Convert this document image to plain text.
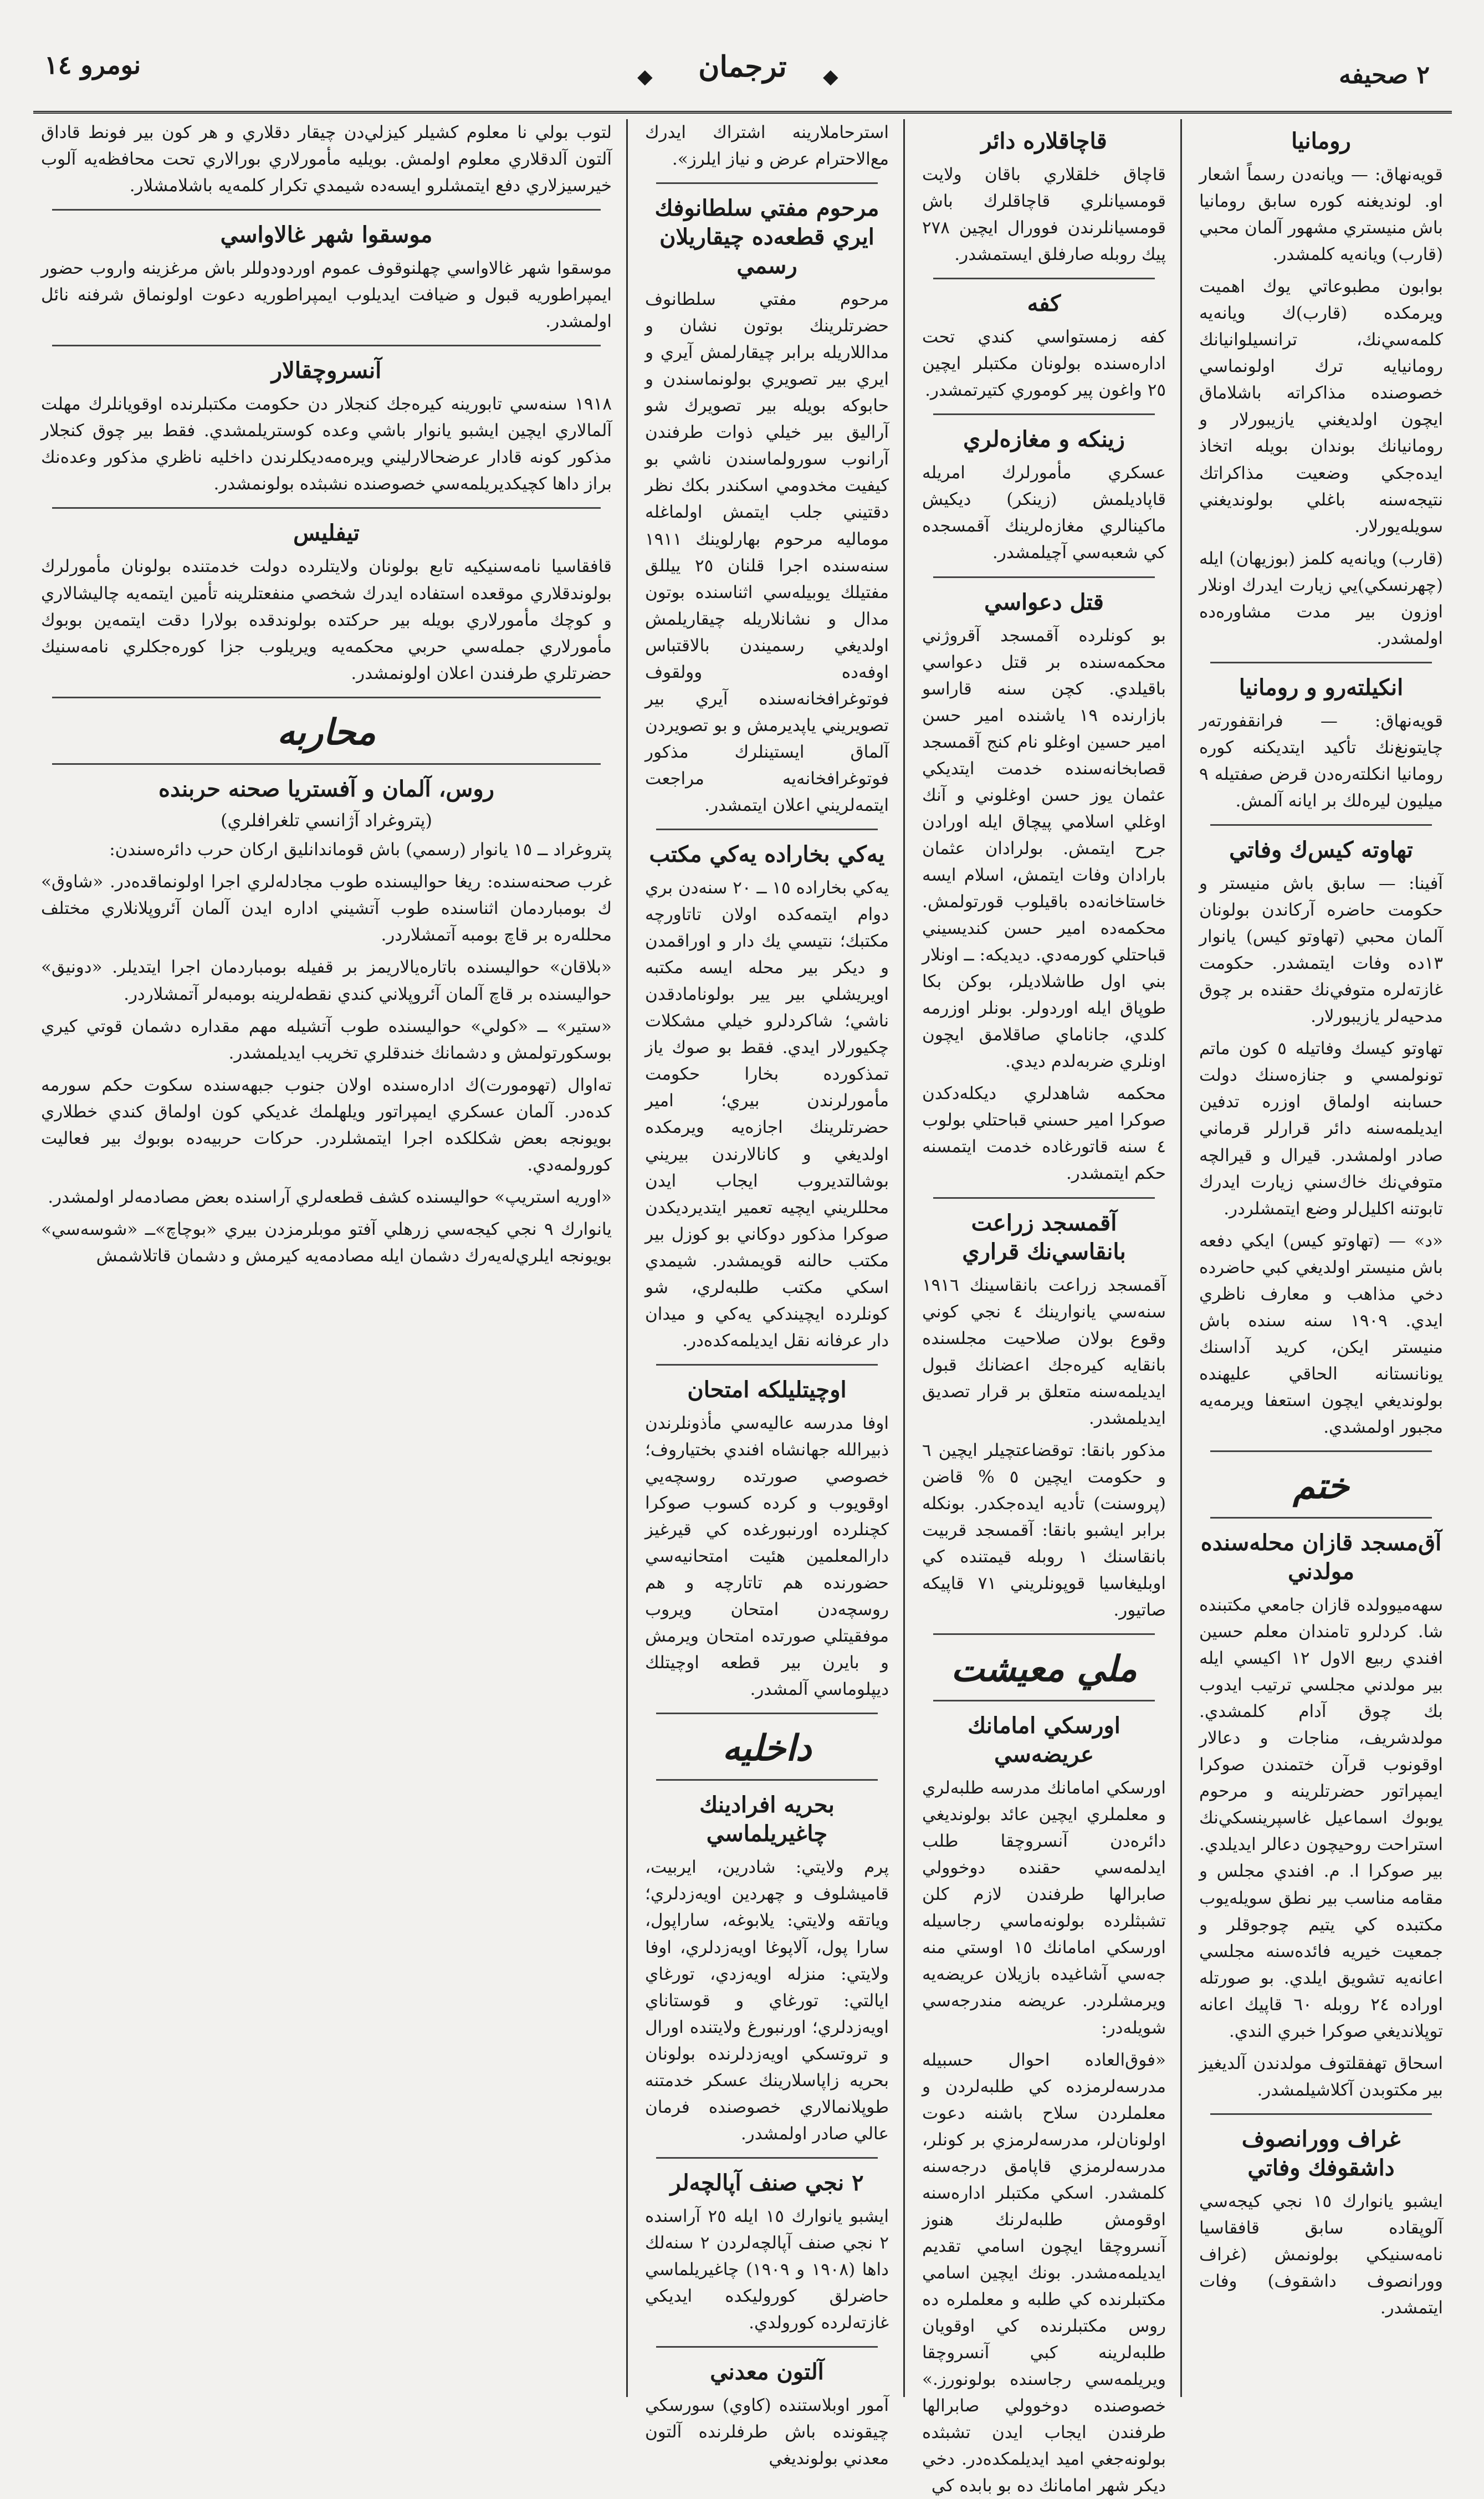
٢ صحيفه
◆
ترجمان
◆
نومرو ١٤
رومانيا

قويه‌نهاق: — ويانه‌دن رسماً اشعار او. لونديغنه كوره سابق رومانيا باش منيستري مشهور آلمان محبي (قارب) ويانه‌يه كلمشدر.

بوابون مطبوعاتي يوك اهميت ويرمكده (قارب)ك ويانه‌يه كلمه‌سي‌نك، ترانسيلوانيانك رومانيايه ترك اولونماسي خصوصنده مذاكراته باشلاماق ايچون اولديغني يازيبورلار و رومانيانك بوندان بويله اتخاذ ايده‌جكي وضعيت مذاكراتك نتيجه‌سنه باغلي بولونديغني سويله‌يورلار.

(قارب) ويانه‌يه كلمز (بوزيهان) ايله (چهرنسكي)يي زيارت ايدرك اونلار اوزون بير مدت مشاوره‌ده اولمشدر.

انكيلته‌رو و رومانيا

قويه‌نهاق: — فرانقفورته‌ر چايتونغ‌نك تأكيد ايتديكنه كوره رومانيا انكلته‌ره‌دن قرض صفتيله ٩ ميليون ليره‌لك بر ايانه آلمش.

تهاوته كيس‌ك وفاتي

آفينا: — سابق باش منيستر و حكومت حاضره آركاندن بولونان آلمان محبي (تهاوتو كيس) يانوار ١٣ده وفات ايتمشدر. حكومت غازته‌لره متوفي‌نك حقنده بر چوق مدحيه‌لر يازيبورلار.

تهاوتو كيسك وفاتيله ٥ كون ماتم تونولمسي و جنازه‌سنك دولت حسابنه اولماق اوزره تدفين ايديلمه‌سنه دائر قرارلر قرماني صادر اولمشدر. قيرال و قيرالچه متوفي‌نك خاك‌سني زيارت ايدرك تابوتنه اكليل‌لر وضع ايتمشلردر.

«د» — (تهاوتو كيس) ايكي دفعه باش منيستر اولديغي كبي حاضرده دخي مذاهب و معارف ناظري ايدي. ١٩٠٩ سنه سنده باش منيستر ايكن، كريد آداسنك يونانستانه الحاقي عليهنده بولونديغي ايچون استعفا ويرمه‌يه مجبور اولمشدي.

ختم
آق‌مسجد قازان محله‌سنده مولدني

سهه‌ميوولده قازان جامعي مكتبنده شا. كردلرو تامندان معلم حسين افندي ربيع الاول ١٢ اكيسي ايله بير مولدني مجلسي ترتيب ايدوب بك چوق آدام كلمشدي. مولدشريف، مناجات و دعالار اوقونوب قرآن ختمندن صوكرا ايمپراتور حضرتلرينه و مرحوم يوبوك اسماعيل غاسپرينسكي‌نك استراحت روحيچون دعالر ايديلدي. بير صوكرا ا. م. افندي مجلس و مقامه مناسب بير نطق سويله‌يوب مكتبده كي يتيم چوجوقلر و جمعيت خيريه فائده‌سنه مجلسي اعانه‌يه تشويق ايلدي. بو صورتله اوراده ٢٤ روبله ٦٠ قاپيك اعانه توپلانديغي صوكرا خبري الندي.

اسحاق تهفقلتوف مولدندن آلديغيز بير مكتوبدن آكلاشيلمشدر.

غراف وورانصوف داشقوفك وفاتي

ايشبو يانوارك ١٥ نجي كيجه‌سي آلوپقاده سابق قافقاسيا نامه‌سنيكي بولونمش (غراف وورانصوف داشقوف) وفات ايتمشدر.

قاچاقلاره دائر

قاچاق خلقلاري باقان ولايت قومسيانلري قاچاقلرك باش قومسيانلرندن فوورال ايچين ٢٧٨ پيك روبله صارفلق ايستمشدر.

كفه

كفه زمستواسي كندي تحت اداره‌سنده بولونان مكتبلر ايچين ٢٥ واغون پير كوموري كتيرتمشدر.

زينكه و مغازه‌لري

عسكري مأمورلرك امريله قاپاديلمش (زينكر) ديكيش ماكينالري مغازه‌لرينك آقمسجده كي شعبه‌سي آچيلمشدر.

قتل دعواسي

بو كونلرده آقمسجد آقروژني محكمه‌سنده بر قتل دعواسي باقيلدي. كچن سنه قاراسو بازارنده ١٩ ياشنده امير حسن امير حسين اوغلو نام كنج آقمسجد قصابخانه‌سنده خدمت ايتديكي عثمان يوز حسن اوغلوني و آنك اوغلي اسلامي پيچاق ايله اورادن جرح ايتمش. بولرادان عثمان بارادان وفات ايتمش، اسلام ايسه خاستاخانه‌ده باقيلوب قورتولمش. محكمه‌ده امير حسن كنديسيني قباحتلي كورمه‌دي. ديديكه: ــ اونلار بني اول طاشلا‌ديلر، بوكن بكا طوپاق ايله اوردولر. بونلر اوزرمه كلدي، جاناماي صاقلامق ايچون اونلري ضربه‌لدم ديدي.

محكمه شاهدلري ديكله‌دكدن صوكرا امير حسني قباحتلي بولوب ٤ سنه قاتورغاده خدمت ايتمسنه حكم ايتمشدر.

آقمسجد زراعت بانقاسي‌نك قراري

آقمسجد زراعت بانقاسينك ١٩١٦ سنه‌سي يانوارينك ٤ نجي كوني وقوع بولان صلاحيت مجلسنده بانقايه كيره‌جك اعضانك قبول ايديلمه‌سنه متعلق بر قرار تصديق ايديلمشدر.

مذكور بانقا: توقضاعتچيلر ايچين ٦ و حكومت ايچين ٥ % قاضن (پروسنت) تأديه ايده‌جكدر. بونكله برابر ايشبو بانقا: آقمسجد قربيت بانقاسنك ١ روبله قيمتنده كي اوبليغاسيا قوپونلريني ٧١ قاپيكه صاتيور.

ملي معيشت
اورسكي امامانك عريضه‌سي

اورسكي امامانك مدرسه طلبه‌لري و معلملري ايچين عائد بولونديغي دائره‌دن آنسروچقا طلب ايدلمه‌سي حقنده دوخوولي صابرالها طرفندن لازم كلن تشبثلرده بولونه‌ماسي رجاسيله اورسكي امامانك ١٥ اوستي منه جه‌سي آشاغيده بازيلان عريضه‌يه ويرمشلردر. عريضه مندرجه‌سي شويله‌در:

«فوق‌العاده احوال حسبيله مدرسه‌لرمزده كي طلبه‌لردن و معلملردن سلاح باشنه دعوت اولونان‌لر، مدرسه‌لرمزي بر كونلر، مدرسه‌لرمزي قاپامق درجه‌سنه كلمشدر. اسكي مكتبلر اداره‌سنه اوقومش طلبه‌لرنك هنوز آنسروچقا ايچون اسامي تقديم ايديلمه‌مشدر. بونك ايچين اسامي مكتبلرنده كي طلبه و معلملره ده روس مكتبلرنده كي اوقويان طلبه‌لرينه كبي آنسروچقا ويريلمه‌سي رجاسنده بولونورز.» خصوصنده دوخوولي صابرالها طرفندن ايجاب ايدن تشبثده بولونه‌جغي اميد ايديلمكده‌در. دخي ديكر شهر امامانك ده بو بابده كي

استرحاملارينه اشتراك ايدرك مع‌الاحترام عرض و نياز ايلرز».

مرحوم مفتي سلطانوفك ايري قطعه‌ده چيقاريلان رسمي

مرحوم مفتي سلطانوف حضرتلرينك بوتون نشان و مداللاريله برابر چيقارلمش آيري و ايري بير تصويري بولونماسندن و حابوكه بويله بير تصويرك شو آراليق بير خيلي ذوات طرفندن آرانوب سورولماسندن ناشي بو كيفيت مخدومي اسكندر بكك نظر دقتيني جلب ايتمش اولماغله موماليه مرحوم بهارلوينك ١٩١١ سنه‌سنده اجرا قلنان ٢٥ ييللق مفتيلك يوبيله‌سي اثناسنده بوتون مدال و نشانلاريله چيقاريلمش اولديغي رسميندن بالاقتباس اوفه‌ده وولقوف فوتوغرافخانه‌سنده آيري بير تصويريني ياپديرمش و بو تصويردن آلماق ايستينلرك مذكور فوتوغرافخانه‌يه مراجعت ايتمه‌لريني اعلان ايتمشدر.

يه‌كي بخاراده يه‌كي مكتب

يه‌كي بخاراده ١٥ ــ ٢٠ سنه‌دن بري دوام ايتمه‌كده اولان تاتاورچه مكتبك؛ نتيسي يك دار و اوراقمدن و ديكر بير محله ايسه مكتبه اويريشلي بير يير بولونامادقدن ناشي؛ شاكردلرو خيلي مشكلات چكيورلار ايدي. فقط بو صوك ياز تمذكورده بخارا حكومت مأمورلرندن بيري؛ امير حضرتلرينك اجازه‌يه ويرمكده اولديغي و كانالارندن بيريني بوشالتديروب ايجاب ايدن محللريني ايچيه تعمير ايتديرديكدن صوكرا مذكور دوكاني بو كوزل بير مكتب حالنه قويمشدر. شيمدي اسكي مكتب طلبه‌لري، شو كونلرده ايچيندكي يه‌كي و ميدان دار عرفانه نقل ايديلمه‌كده‌در.

اوچيتليلكه امتحان

اوفا مدرسه عاليه‌سي مأذونلرندن ذبيرالله جهانشاه افندي بختياروف؛ خصوصي صورتده روسچه‌يي اوقويوب و كرده كسوب صوكرا كچنلرده اورنبورغده كي قيرغيز دارالمعلمين هئيت امتحانيه‌سي حضورنده هم تاتارچه و هم روسچه‌دن امتحان ويروب موفقيتلي صورتده امتحان ويرمش و بايرن بير قطعه اوچيتلك ديپلوماسي آلمشدر.

داخليه
بحريه افرادينك چاغيريلماسي

پرم ولايتي: شادرين، ايربيت، قاميشلوف و چهردين اويه‌زدلري؛ وياتقه ولايتي: يلابوغه، ساراپول، سارا پول، آلاپوغا اويه‌زدلري، اوفا ولايتي: منزله اويه‌زدي، تورغاي ايالتي: تورغاي و قوستاناي اويه‌زدلري؛ اورنبورغ ولايتنده اورال و تروتسكي اويه‌زدلرنده بولونان بحريه زاپاسلارينك عسكر خدمتنه طوپلانمالاري خصوصنده فرمان عالي صادر اولمشدر.

٢ نجي صنف آپالچه‌لر

ايشبو يانوارك ١٥ ايله ٢٥ آراسنده ٢ نجي صنف آپالچه‌لردن ٢ سنه‌لك داها (١٩٠٨ و ١٩٠٩) چاغيريلماسي حاضرلق كوروليكده ايديكي غازته‌لرده كورولدي.

آلتون معدني

آمور اوبلاستنده (كاوي) سورسكي چيقونده باش طرفلرنده آلتون معدني بولونديغي

لتوب بولي نا معلوم كشيلر كيزلي‌دن چيقار دقلاري و هر كون بير فونط قاداق آلتون آلدقلاري معلوم اولمش. بويليه مأمورلاري بورالاري تحت محافظه‌يه آلوب خيرسيزلاري دفع ايتمشلرو ايسه‌ده شيمدي تكرار كلمه‌يه باشلامشلار.

موسقوا شهر غالاواسي

موسقوا شهر غالاواسي چهلنوقوف عموم اوردودوللر باش مرغزينه واروب حضور ايمپراطوريه قبول و ضيافت ايديلوب ايمپراطوريه دعوت اولونماق شرفنه نائل اولمشدر.

آنسروچقالار

١٩١٨ سنه‌سي تابورينه كيره‌جك كنجلار دن حكومت مكتبلرنده اوقويانلرك مهلت آلمالاري ايچين ايشبو يانوار باشي وعده كوستريلمشدي. فقط بير چوق كنجلار مذكور كونه قادار عرضحالارليني ويره‌مه‌ديكلرندن داخليه ناظري مذكور وعده‌نك براز داها كچيكديريلمه‌سي خصوصنده نشبثده بولونمشدر.

تيفليس

قافقاسيا نامه‌سنيكيه تابع بولونان ولايتلرده دولت خدمتنده بولونان مأمورلرك بولوندقلاري موقعده استفاده ايدرك شخصي منفعتلرينه تأمين ايتمه‌يه چاليشالاري و كوچك مأمورلاري بويله بير حركتده بولوندقده بولارا دقت ايتمه‌ين بوبوك مأمورلاري جمله‌سي حربي محكمه‌يه ويريلوب جزا كوره‌جكلري نامه‌سنيك حضرتلري طرفندن اعلان اولونمشدر.

محاربه
روس، آلمان و آفستريا صحنه حربنده
(پتروغراد آژانسي تلغرافلري)

پتروغراد ــ ١٥ يانوار (رسمي) باش قوماندانليق اركان حرب دائره‌سندن:

غرب صحنه‌سنده: ريغا حواليسنده طوب مجادله‌لري اجرا اولونماقده‌در. «شاوق» ك بومباردمان اثناسنده طوب آتشيني اداره ايدن آلمان آئروپلانلاري مختلف محلله‌ره بر قاچ بومبه آتمشلاردر.

«بلاقان» حواليسنده باتاره‌يالاريمز بر قفيله بومباردمان اجرا ايتديلر. «دونيق» حواليسنده بر قاچ آلمان آئروپلاني كندي نقطه‌لرينه بومبه‌لر آتمشلاردر.

«ستير» ــ «كولي» حواليسنده طوب آتشيله مهم مقداره دشمان قوتي كيري بوسكورتولمش و دشمانك خندقلري تخريب ايديلمشدر.

ته‌اوال (تهومورت)ك اداره‌سنده اولان جنوب جبهه‌سنده سكوت حكم سورمه كده‌در. آلمان عسكري ايمپراتور ويلهلمك غديكي كون اولماق كندي خطلاري بويونجه بعض شكلكده اجرا ايتمشلردر. حركات حربيه‌ده بوبوك بير فعاليت كورولمه‌دي.

«اوريه استريپ» حواليسنده كشف قطعه‌لري آراسنده بعض مصادمه‌لر اولمشدر.

يانوارك ٩ نجي كيجه‌سي زرهلي آفتو موبلرمزدن بيري «بوچاچ»ــ «شوسه‌سي» بويونجه ايلري‌له‌يه‌رك دشمان ايله مصادمه‌يه كيرمش و دشمان قاتلاشمش
